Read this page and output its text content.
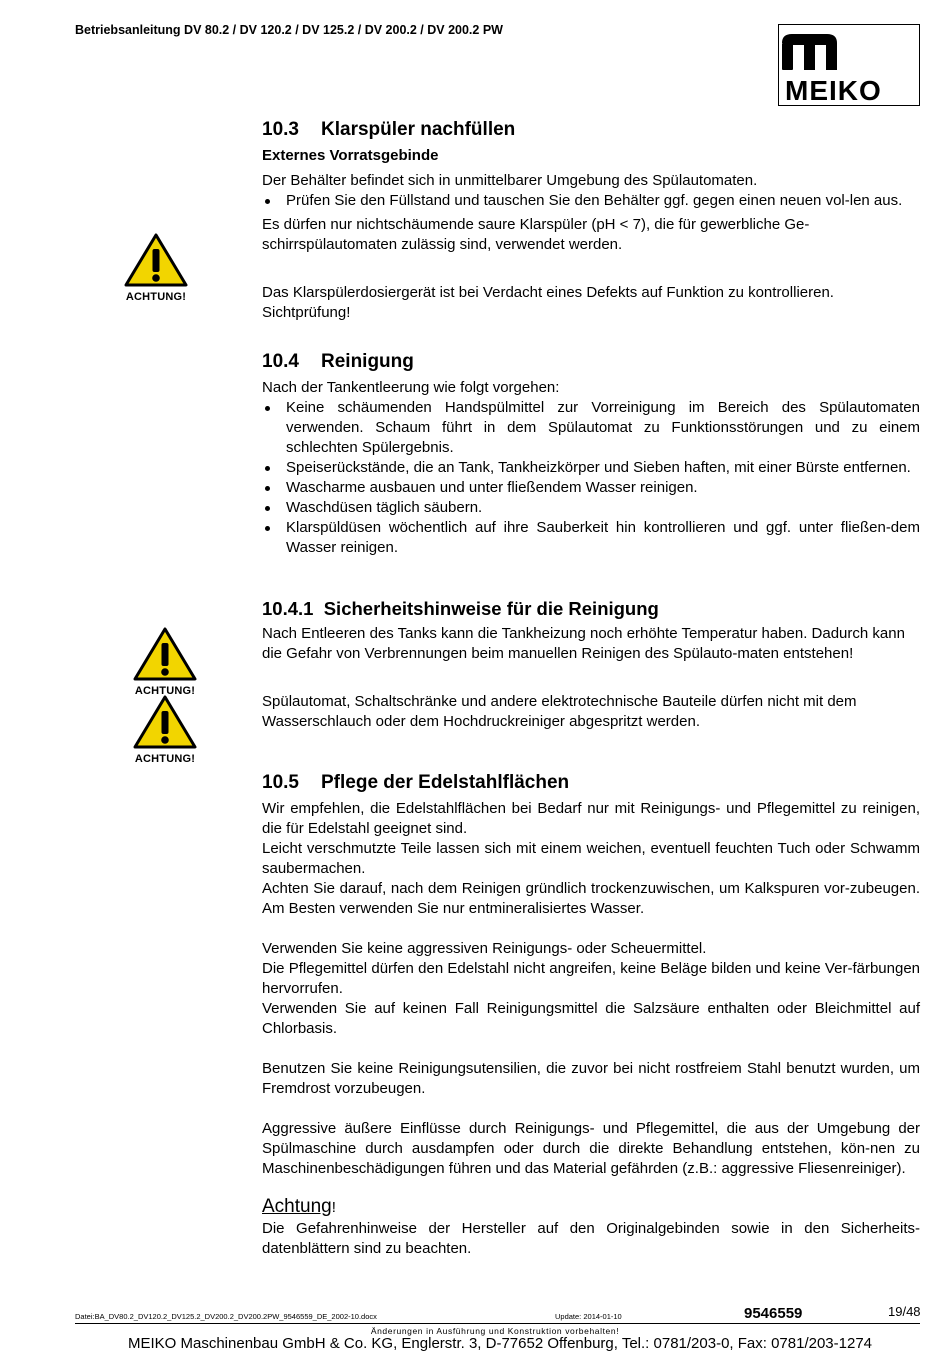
Betriebsanleitung DV 80.2 / DV 120.2 / DV 125.2 / DV 200.2 / DV 200.2 PW
MEIKO
ACHTUNG!
ACHTUNG!
ACHTUNG!
10.3 Klarspüler nachfüllen
Externes Vorratsgebinde

Der Behälter befindet sich in unmittelbarer Umgebung des Spülautomaten.

Prüfen Sie den Füllstand und tauschen Sie den Behälter ggf. gegen einen neuen vol-len aus.

Es dürfen nur nichtschäumende saure Klarspüler (pH < 7), die für gewerbliche Ge-schirrspülautomaten zulässig sind, verwendet werden.

Das Klarspülerdosiergerät ist bei Verdacht eines Defekts auf Funktion zu kontrollieren.

Sichtprüfung!

10.4 Reinigung

Nach der Tankentleerung wie folgt vorgehen:

Keine schäumenden Handspülmittel zur Vorreinigung im Bereich des Spülautomaten verwenden. Schaum führt in dem Spülautomat zu Funktionsstörungen und zu einem schlechten Spülergebnis.
Speiserückstände, die an Tank, Tankheizkörper und Sieben haften, mit einer Bürste entfernen.
Wascharme ausbauen und unter fließendem Wasser reinigen.
Waschdüsen täglich säubern.
Klarspüldüsen wöchentlich auf ihre Sauberkeit hin kontrollieren und ggf. unter fließen-dem Wasser reinigen.
10.4.1 Sicherheitshinweise für die Reinigung

Nach Entleeren des Tanks kann die Tankheizung noch erhöhte Temperatur haben. Dadurch kann die Gefahr von Verbrennungen beim manuellen Reinigen des Spülauto-maten entstehen!

Spülautomat, Schaltschränke und andere elektrotechnische Bauteile dürfen nicht mit dem Wasserschlauch oder dem Hochdruckreiniger abgespritzt werden.

10.5 Pflege der Edelstahlflächen

Wir empfehlen, die Edelstahlflächen bei Bedarf nur mit Reinigungs- und Pflegemittel zu reinigen, die für Edelstahl geeignet sind.

Leicht verschmutzte Teile lassen sich mit einem weichen, eventuell feuchten Tuch oder Schwamm saubermachen.

Achten Sie darauf, nach dem Reinigen gründlich trockenzuwischen, um Kalkspuren vor-zubeugen. Am Besten verwenden Sie nur entmineralisiertes Wasser.

Verwenden Sie keine aggressiven Reinigungs- oder Scheuermittel.

Die Pflegemittel dürfen den Edelstahl nicht angreifen, keine Beläge bilden und keine Ver-färbungen hervorrufen.

Verwenden Sie auf keinen Fall Reinigungsmittel die Salzsäure enthalten oder Bleichmittel auf Chlorbasis.

Benutzen Sie keine Reinigungsutensilien, die zuvor bei nicht rostfreiem Stahl benutzt wurden, um Fremdrost vorzubeugen.

Aggressive äußere Einflüsse durch Reinigungs- und Pflegemittel, die aus der Umgebung der Spülmaschine durch ausdampfen oder durch die direkte Behandlung entstehen, kön-nen zu Maschinenbeschädigungen führen und das Material gefährden (z.B.: aggressive Fliesenreiniger).

Achtung!

Die Gefahrenhinweise der Hersteller auf den Originalgebinden sowie in den Sicherheits-datenblättern sind zu beachten.

Datei:BA_DV80.2_DV120.2_DV125.2_DV200.2_DV200.2PW_9546559_DE_2002-10.docx	Update: 2014-01-10	9546559	19/48
Änderungen in Ausführung und Konstruktion vorbehalten!
MEIKO Maschinenbau GmbH & Co. KG, Englerstr. 3, D-77652 Offenburg, Tel.: 0781/203-0, Fax: 0781/203-1274
